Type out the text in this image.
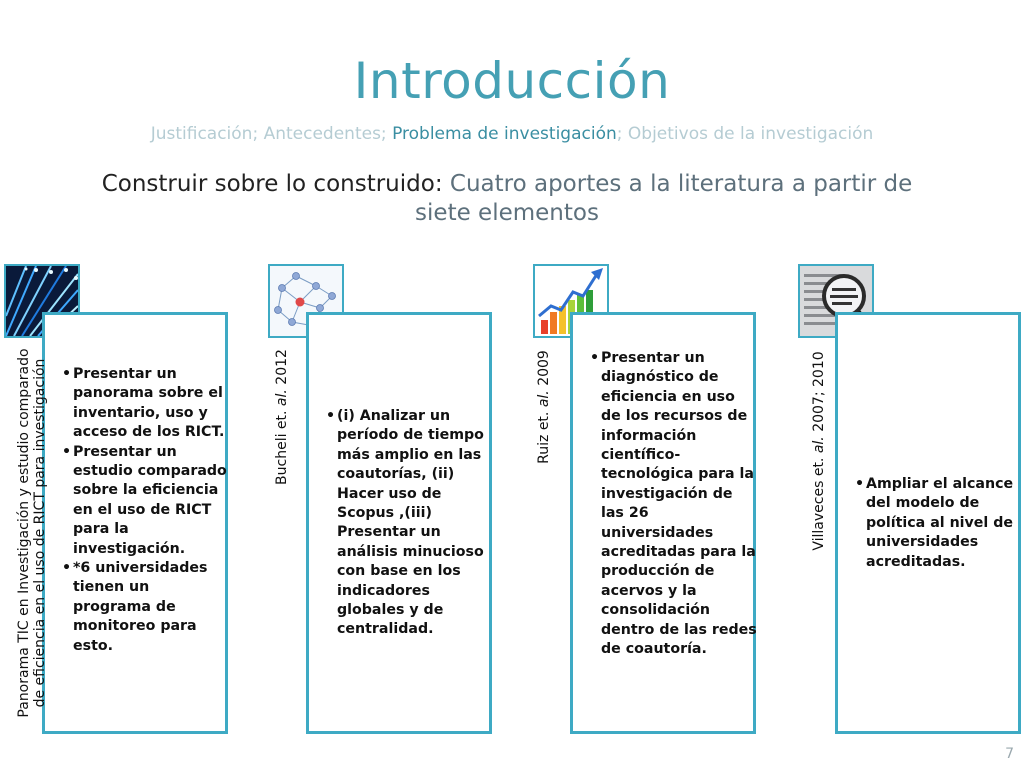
Introducción
Justificación; Antecedentes; Problema de investigación; Objetivos de la investigación
Construir sobre lo construido: Cuatro aportes a la literatura a partir de siete elementos
• Presentar un panorama sobre el inventario, uso y acceso de los RICT.
• Presentar un estudio comparado sobre la eficiencia en el uso de RICT para la investigación.
• *6 universidades tienen un programa de monitoreo para esto.
Panorama TIC en Investigación y estudio comparado de eficiencia en el uso de RICT para investigación	• (i) Analizar un período de tiempo más amplio en las coautorías, (ii) Hacer uso de Scopus ,(iii) Presentar un análisis minucioso con base en los indicadores globales y de centralidad.
Bucheli et. al. 2012	• Presentar un diagnóstico de eficiencia en uso de los recursos de información científico-tecnológica para la investigación de las 26 universidades acreditadas para la producción de acervos y la consolidación dentro de las redes de coautoría.
Ruiz et. al. 2009
• Ampliar el alcance del modelo de política al nivel de universidades acreditadas.
Villaveces et. al. 2007; 2010
7
